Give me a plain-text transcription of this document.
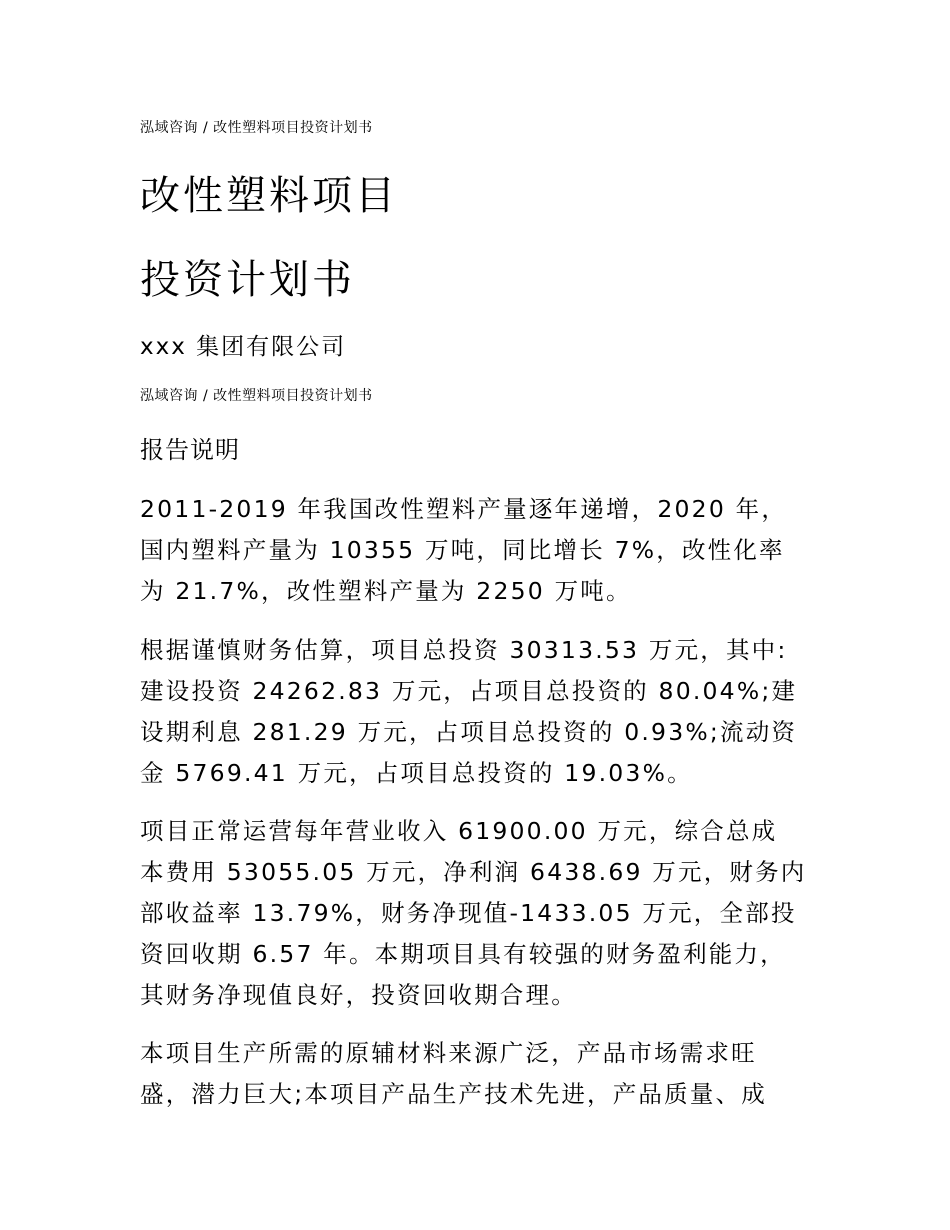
泓域咨询 / 改性塑料项目投资计划书
改性塑料项目
投资计划书
xxx 集团有限公司
泓域咨询 / 改性塑料项目投资计划书
报告说明
2011-2019 年我国改性塑料产量逐年递增，2020 年，
国内塑料产量为 10355 万吨，同比增长 7%，改性化率
为 21.7%，改性塑料产量为 2250 万吨。
根据谨慎财务估算，项目总投资 30313.53 万元，其中:
建设投资 24262.83 万元，占项目总投资的 80.04%;建
设期利息 281.29 万元，占项目总投资的 0.93%;流动资
金 5769.41 万元，占项目总投资的 19.03%。
项目正常运营每年营业收入 61900.00 万元，综合总成
本费用 53055.05 万元，净利润 6438.69 万元，财务内
部收益率 13.79%，财务净现值-1433.05 万元，全部投
资回收期 6.57 年。本期项目具有较强的财务盈利能力，
其财务净现值良好，投资回收期合理。
本项目生产所需的原辅材料来源广泛，产品市场需求旺
盛，潜力巨大;本项目产品生产技术先进，产品质量、成
